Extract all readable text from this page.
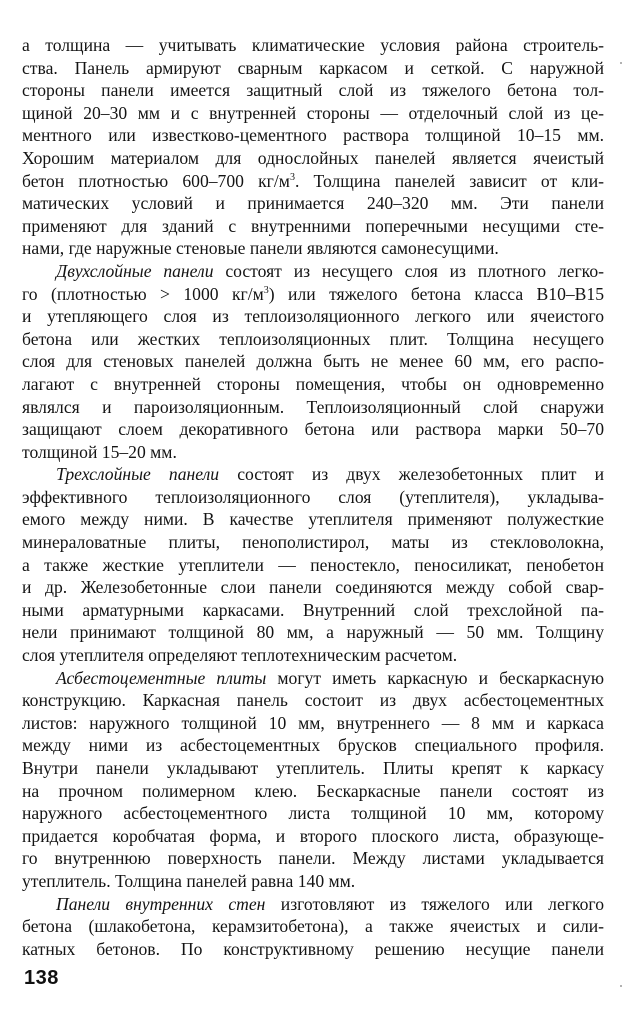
а толщина — учитывать климатические условия района строитель-
ства. Панель армируют сварным каркасом и сеткой. С наружной
стороны панели имеется защитный слой из тяжелого бетона тол-
щиной 20–30 мм и с внутренней стороны — отделочный слой из це-
ментного или известково-цементного раствора толщиной 10–15 мм.
Хорошим материалом для однослойных панелей является ячеистый
бетон плотностью 600–700 $кг/м^3$. Толщина панелей зависит от кли-
матических условий и принимается 240–320 мм. Эти панели
применяют для зданий с внутренними поперечными несущими сте-
нами, где наружные стеновые панели являются самонесущими.
Двухслойные панели состоят из несущего слоя из плотного легко-
го (плотностью > 1000 $кг/м^3$) или тяжелого бетона класса В10–В15
и утепляющего слоя из теплоизоляционного легкого или ячеистого
бетона или жестких теплоизоляционных плит. Толщина несущего
слоя для стеновых панелей должна быть не менее 60 мм, его распо-
лагают с внутренней стороны помещения, чтобы он одновременно
являлся и пароизоляционным. Теплоизоляционный слой снаружи
защищают слоем декоративного бетона или раствора марки 50–70
толщиной 15–20 мм.
Трехслойные панели состоят из двух железобетонных плит и
эффективного теплоизоляционного слоя (утеплителя), укладыва-
емого между ними. В качестве утеплителя применяют полужесткие
минераловатные плиты, пенополистирол, маты из стекловолокна,
а также жесткие утеплители — пеностекло, пеносиликат, пенобетон
и др. Железобетонные слои панели соединяются между собой свар-
ными арматурными каркасами. Внутренний слой трехслойной па-
нели принимают толщиной 80 мм, а наружный — 50 мм. Толщину
слоя утеплителя определяют теплотехническим расчетом.
Асбестоцементные плиты могут иметь каркасную и бескаркасную
конструкцию. Каркасная панель состоит из двух асбестоцементных
листов: наружного толщиной 10 мм, внутреннего — 8 мм и каркаса
между ними из асбестоцементных брусков специального профиля.
Внутри панели укладывают утеплитель. Плиты крепят к каркасу
на прочном полимерном клею. Бескаркасные панели состоят из
наружного асбестоцементного листа толщиной 10 мм, которому
придается коробчатая форма, и второго плоского листа, образующе-
го внутреннюю поверхность панели. Между листами укладывается
утеплитель. Толщина панелей равна 140 мм.
Панели внутренних стен изготовляют из тяжелого или легкого
бетона (шлакобетона, керамзитобетона), а также ячеистых и сили-
катных бетонов. По конструктивному решению несущие панели
138
